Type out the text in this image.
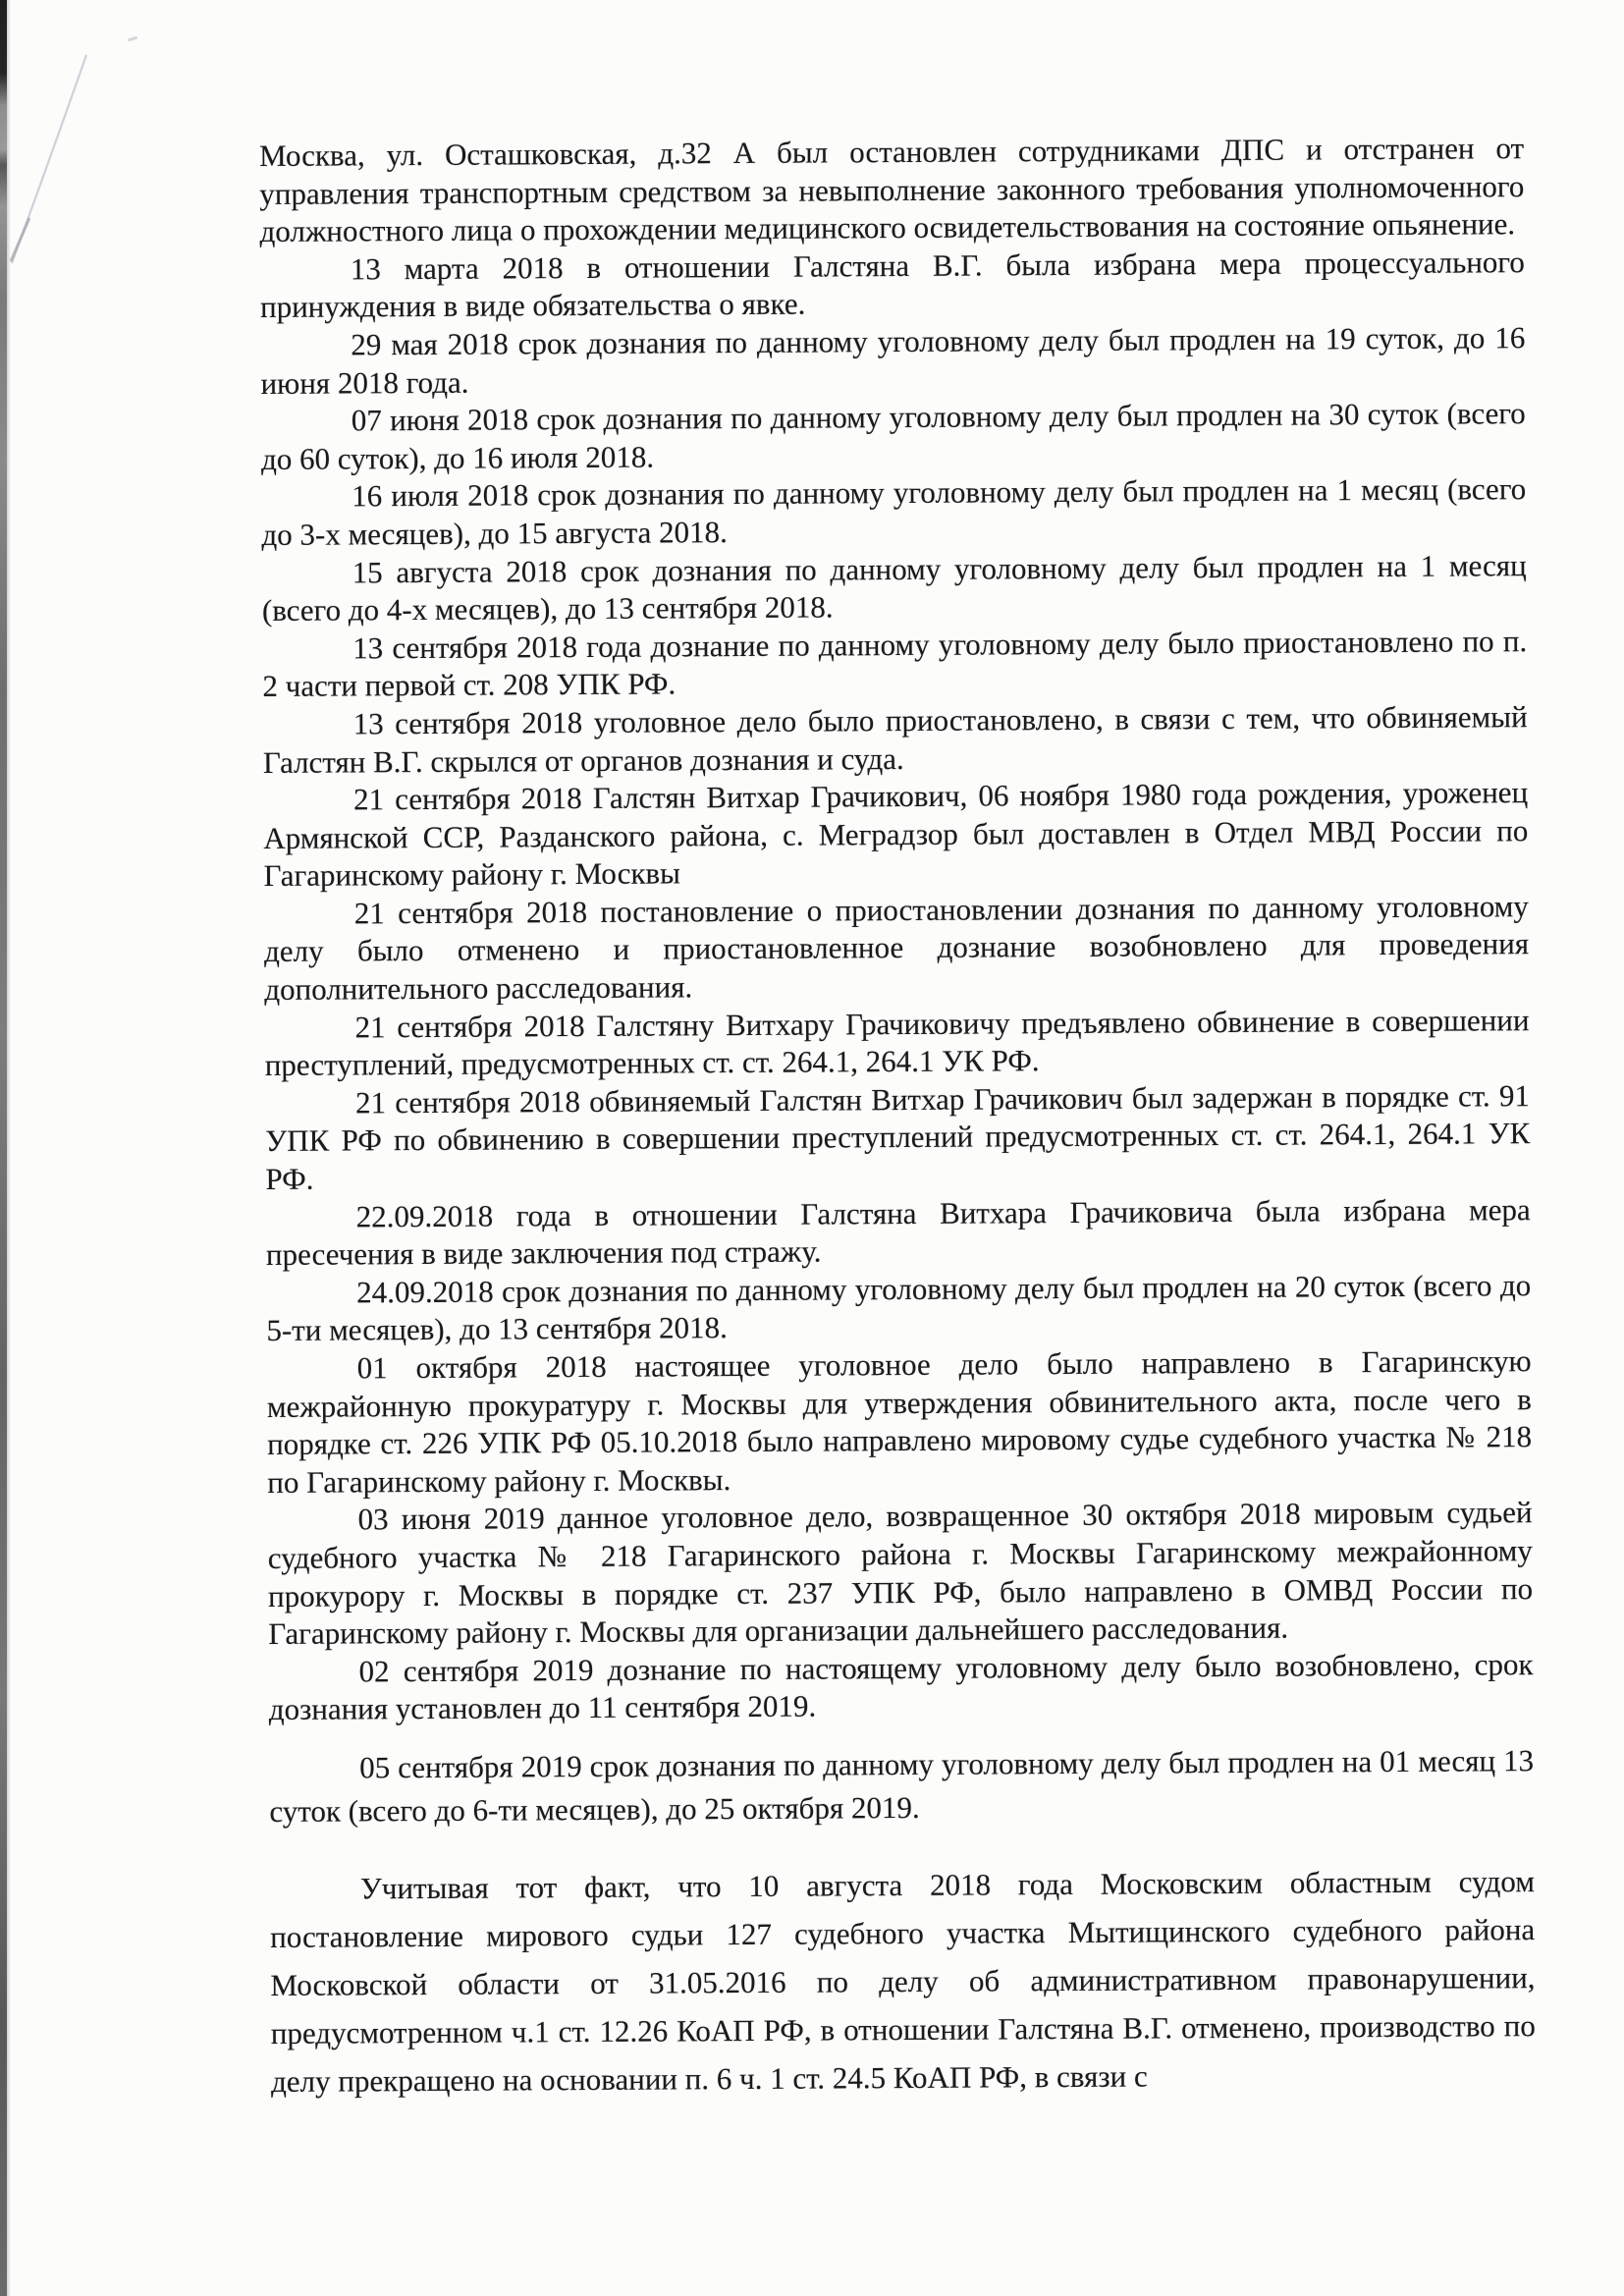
Москва, ул. Осташковская, д.32 А был остановлен сотрудниками ДПС и отстранен от управления транспортным средством за невыполнение законного требования уполномоченного должностного лица о прохождении медицинского освидетельствования на состояние опьянение.

13 марта 2018 в отношении Галстяна В.Г. была избрана мера процессуального принуждения в виде обязательства о явке.

29 мая 2018 срок дознания по данному уголовному делу был продлен на 19 суток, до 16 июня 2018 года.

07 июня 2018 срок дознания по данному уголовному делу был продлен на 30 суток (всего до 60 суток), до 16 июля 2018.

16 июля 2018 срок дознания по данному уголовному делу был продлен на 1 месяц (всего до 3-х месяцев), до 15 августа 2018.

15 августа 2018 срок дознания по данному уголовному делу был продлен на 1 месяц (всего до 4-х месяцев), до 13 сентября 2018.

13 сентября 2018 года дознание по данному уголовному делу было приостановлено по п. 2 части первой ст. 208 УПК РФ.

13 сентября 2018 уголовное дело было приостановлено, в связи с тем, что обвиняемый Галстян В.Г. скрылся от органов дознания и суда.

21 сентября 2018 Галстян Витхар Грачикович, 06 ноября 1980 года рождения, уроженец Армянской ССР, Разданского района, с. Меградзор был доставлен в Отдел МВД России по Гагаринскому району г. Москвы

21 сентября 2018 постановление о приостановлении дознания по данному уголовному делу было отменено и приостановленное дознание возобновлено для проведения дополнительного расследования.

21 сентября 2018 Галстяну Витхару Грачиковичу предъявлено обвинение в совершении преступлений, предусмотренных ст. ст. 264.1, 264.1 УК РФ.

21 сентября 2018 обвиняемый Галстян Витхар Грачикович был задержан в порядке ст. 91 УПК РФ по обвинению в совершении преступлений предусмотренных ст. ст. 264.1, 264.1 УК РФ.

22.09.2018 года в отношении Галстяна Витхара Грачиковича была избрана мера пресечения в виде заключения под стражу.

24.09.2018 срок дознания по данному уголовному делу был продлен на 20 суток (всего до 5-ти месяцев), до 13 сентября 2018.

01 октября 2018 настоящее уголовное дело было направлено в Гагаринскую межрайонную прокуратуру г. Москвы для утверждения обвинительного акта, после чего в порядке ст. 226 УПК РФ 05.10.2018 было направлено мировому судье судебного участка № 218 по Гагаринскому району г. Москвы.

03 июня 2019 данное уголовное дело, возвращенное 30 октября 2018 мировым судьей судебного участка № 218 Гагаринского района г. Москвы Гагаринскому межрайонному прокурору г. Москвы в порядке ст. 237 УПК РФ, было направлено в ОМВД России по Гагаринскому району г. Москвы для организации дальнейшего расследования.

02 сентября 2019 дознание по настоящему уголовному делу было возобновлено, срок дознания установлен до 11 сентября 2019.

05 сентября 2019 срок дознания по данному уголовному делу был продлен на 01 месяц 13 суток (всего до 6-ти месяцев), до 25 октября 2019.

Учитывая тот факт, что 10 августа 2018 года Московским областным судом постановление мирового судьи 127 судебного участка Мытищинского судебного района Московской области от 31.05.2016 по делу об административном правонарушении, предусмотренном ч.1 ст. 12.26 КоАП РФ, в отношении Галстяна В.Г. отменено, производство по делу прекращено на основании п. 6 ч. 1 ст. 24.5 КоАП РФ, в связи с
